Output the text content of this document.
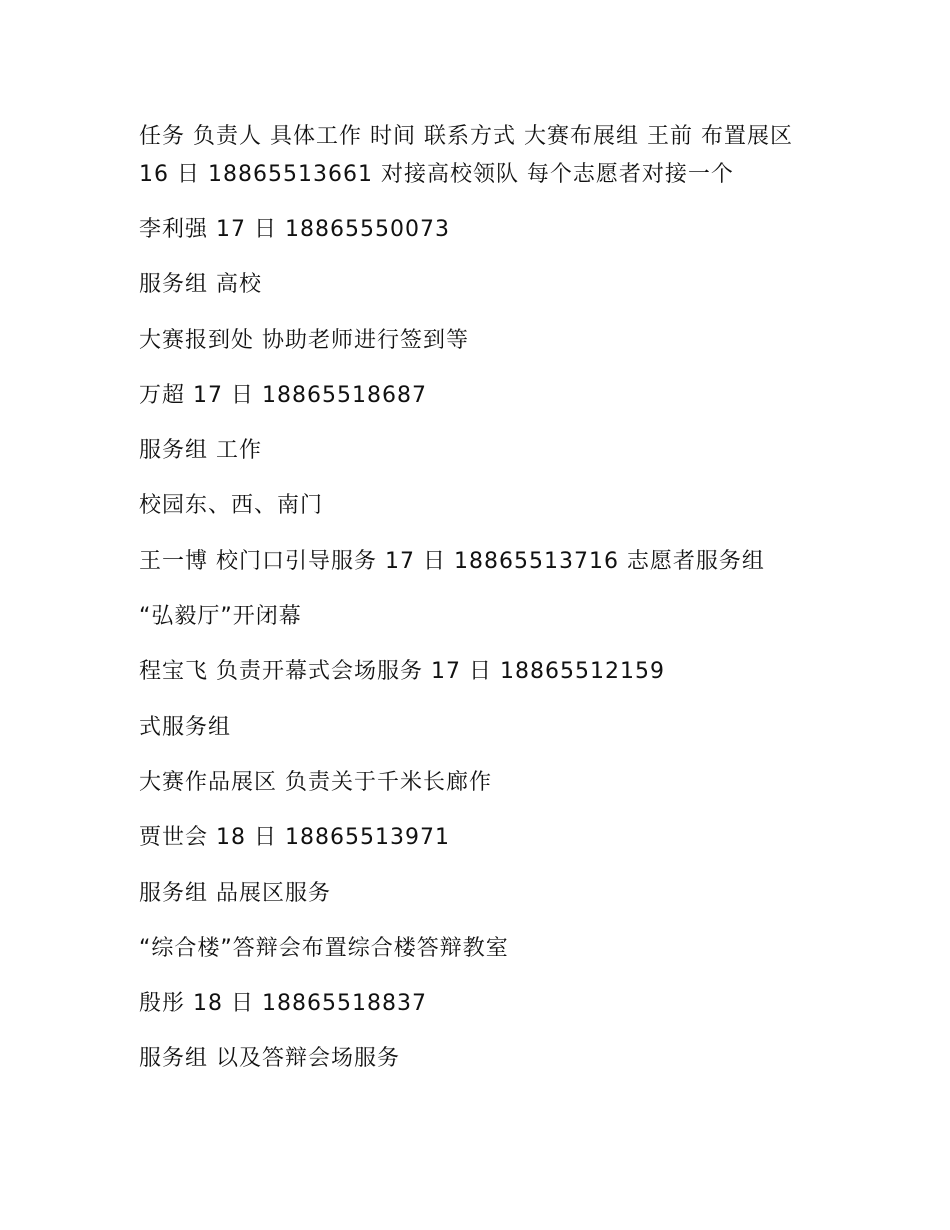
任务 负责人 具体工作 时间 联系方式 大赛布展组 王前 布置展区 16 日 18865513661 对接高校领队 每个志愿者对接一个

李利强 17 日 18865550073

服务组 高校

大赛报到处 协助老师进行签到等

万超 17 日 18865518687

服务组 工作

校园东、西、南门

王一博 校门口引导服务 17 日 18865513716 志愿者服务组

“弘毅厅”开闭幕

程宝飞 负责开幕式会场服务 17 日 18865512159

式服务组

大赛作品展区 负责关于千米长廊作

贾世会 18 日 18865513971

服务组 品展区服务

“综合楼”答辩会布置综合楼答辩教室

殷彤 18 日 18865518837

服务组 以及答辩会场服务
